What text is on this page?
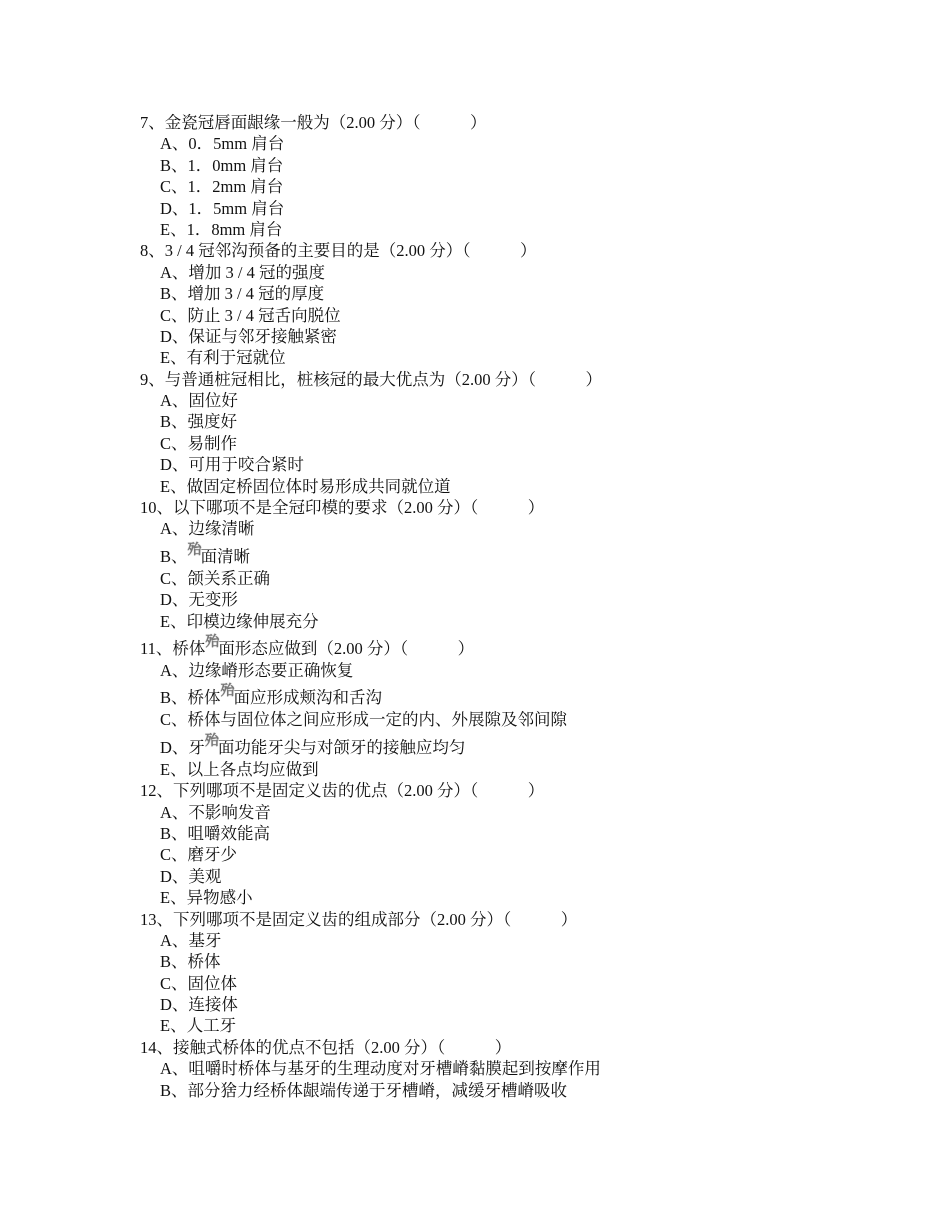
7、金瓷冠唇面龈缘一般为（2.00 分）（　　　）
A、0．5mm 肩台
B、1．0mm 肩台
C、1．2mm 肩台
D、1．5mm 肩台
E、1．8mm 肩台
8、3 / 4 冠邻沟预备的主要目的是（2.00 分）（　　　）
A、增加 3 / 4 冠的强度
B、增加 3 / 4 冠的厚度
C、防止 3 / 4 冠舌向脱位
D、保证与邻牙接触紧密
E、有利于冠就位
9、与普通桩冠相比，桩核冠的最大优点为（2.00 分）（　　　）
A、固位好
B、强度好
C、易制作
D、可用于咬合紧时
E、做固定桥固位体时易形成共同就位道
10、以下哪项不是全冠印模的要求（2.00 分）（　　　）
A、边缘清晰
B、殆面清晰
C、颌关系正确
D、无变形
E、印模边缘伸展充分
11、桥体殆面形态应做到（2.00 分）（　　　）
A、边缘嵴形态要正确恢复
B、桥体殆面应形成颊沟和舌沟
C、桥体与固位体之间应形成一定的内、外展隙及邻间隙
D、牙殆面功能牙尖与对颌牙的接触应均匀
E、以上各点均应做到
12、下列哪项不是固定义齿的优点（2.00 分）（　　　）
A、不影响发音
B、咀嚼效能高
C、磨牙少
D、美观
E、异物感小
13、下列哪项不是固定义齿的组成部分（2.00 分）（　　　）
A、基牙
B、桥体
C、固位体
D、连接体
E、人工牙
14、接触式桥体的优点不包括（2.00 分）（　　　）
A、咀嚼时桥体与基牙的生理动度对牙槽嵴黏膜起到按摩作用
B、部分猞力经桥体龈端传递于牙槽嵴，减缓牙槽嵴吸收
